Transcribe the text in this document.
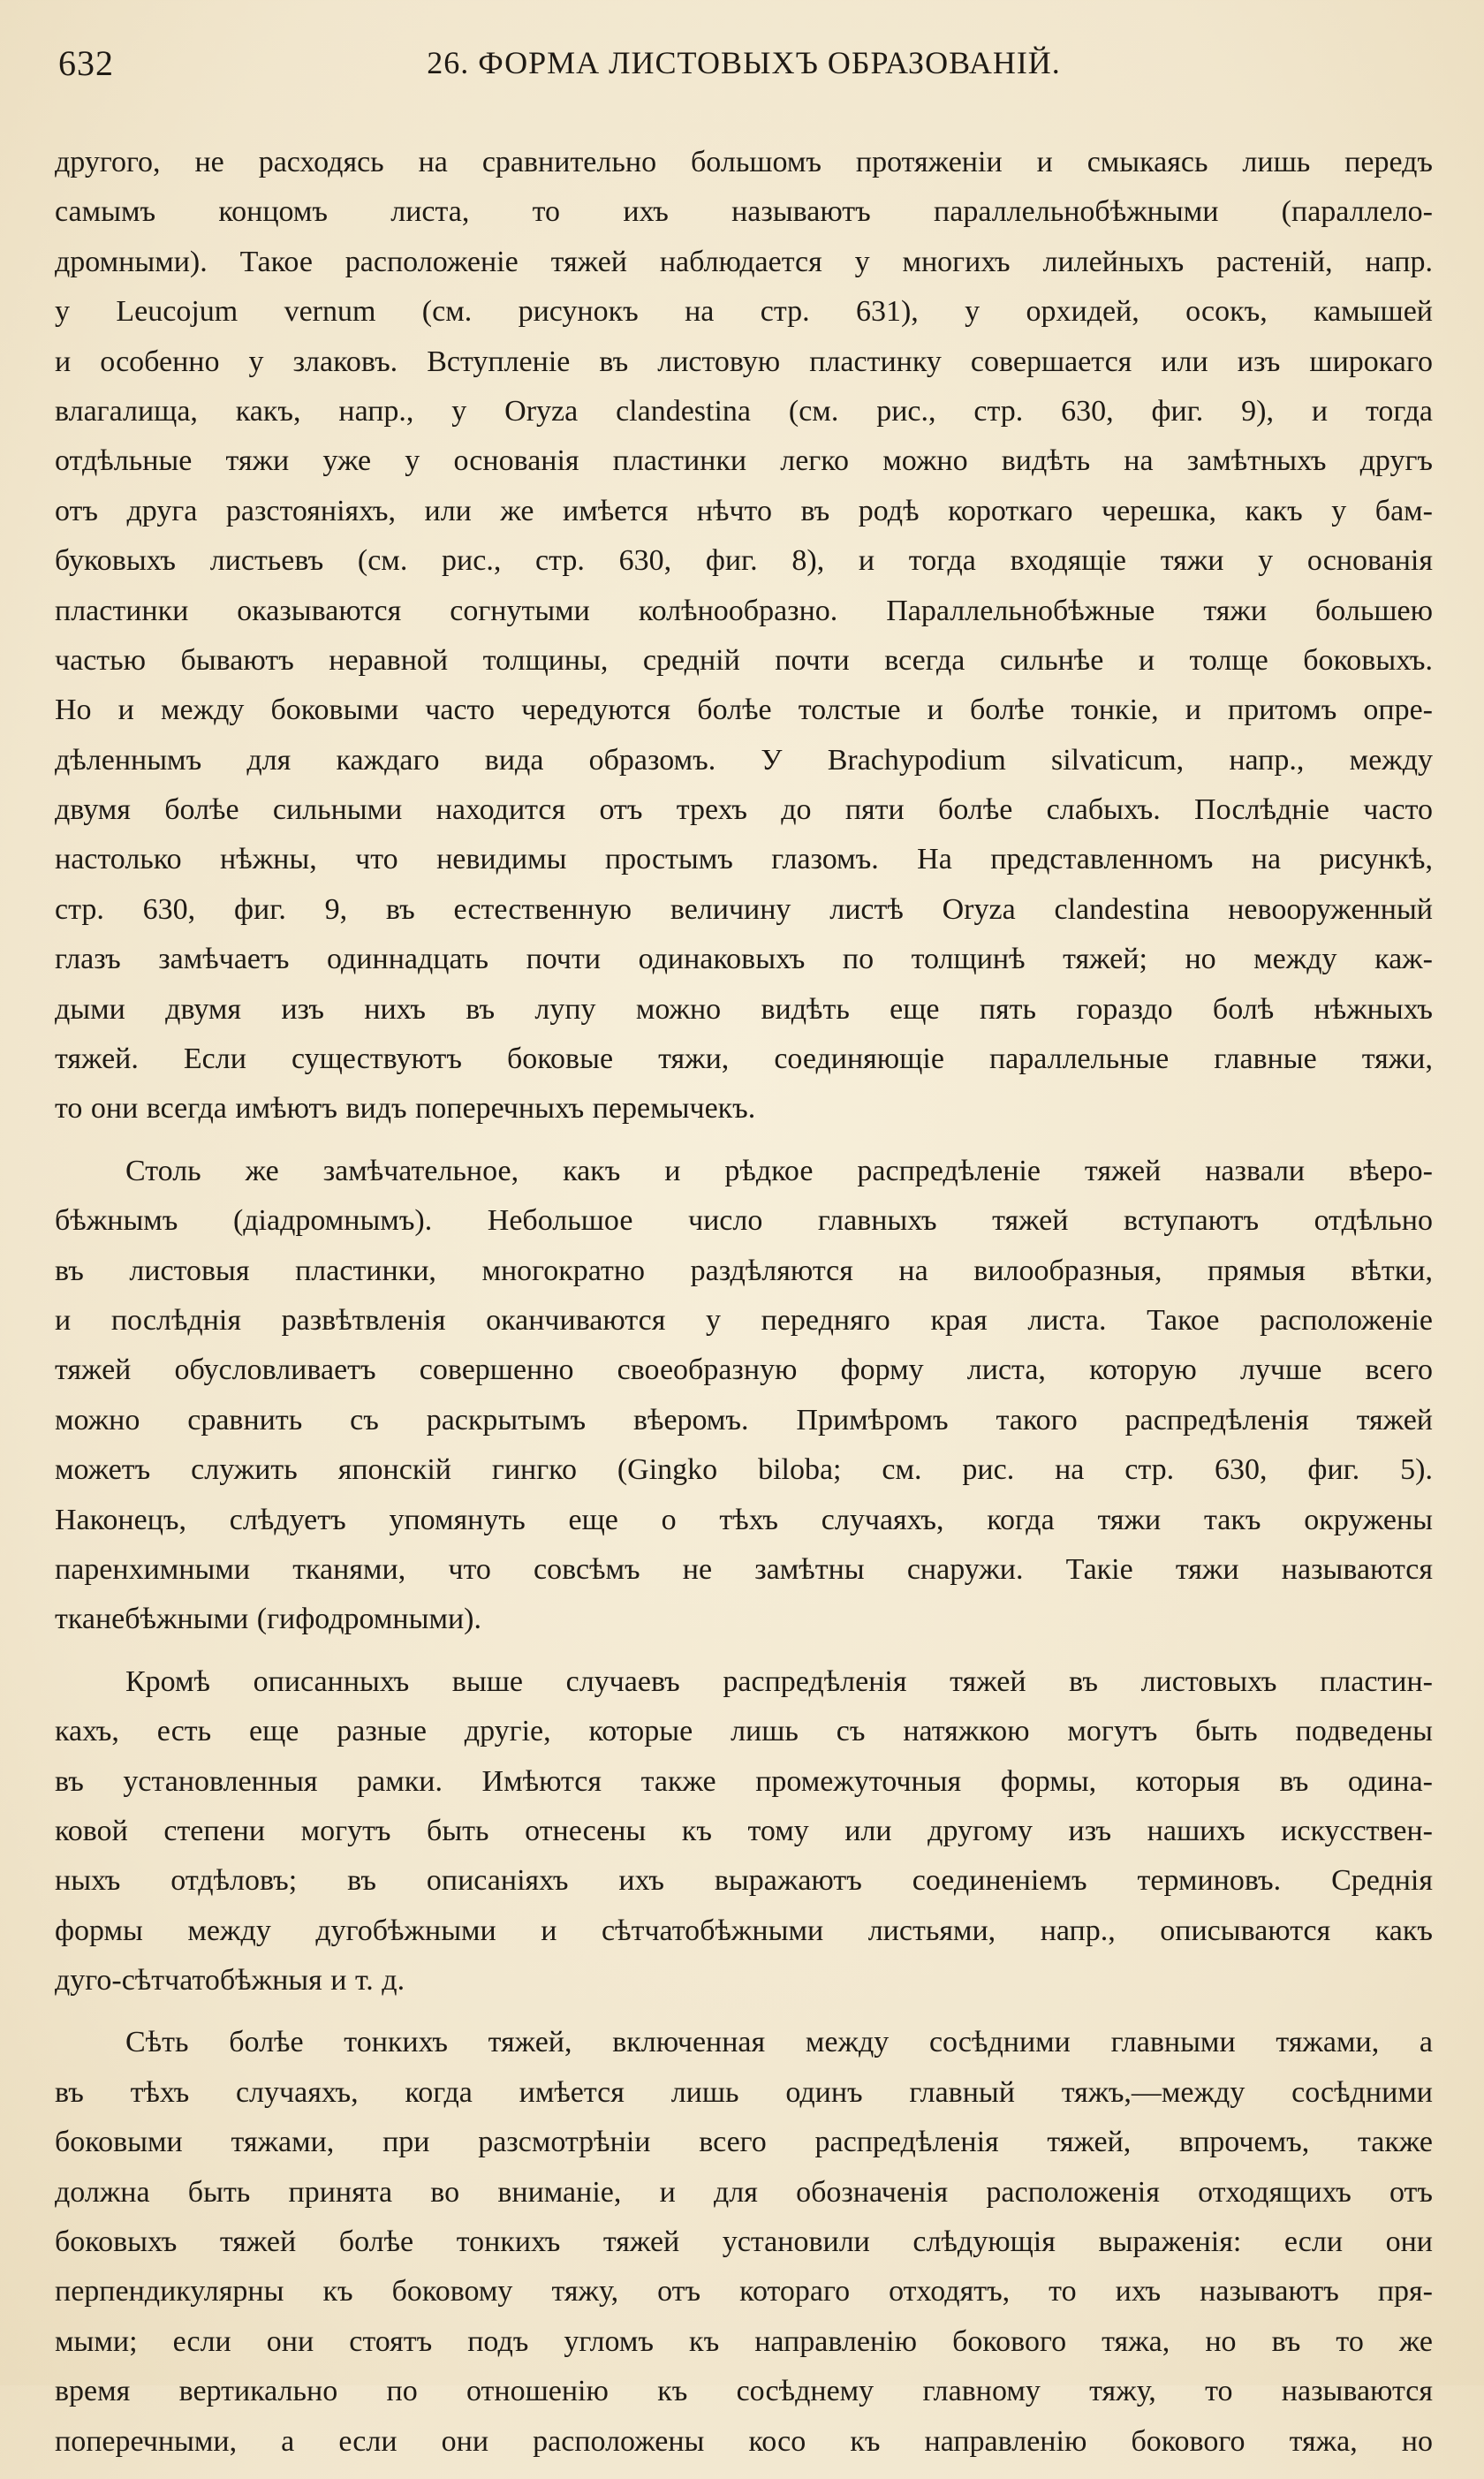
632	26. ФОРМА ЛИСТОВЫХЪ ОБРАЗОВАНІЙ.

другого, не расходясь на сравнительно большомъ протяженіи и смыкаясь лишь передъ
самымъ концомъ листа, то ихъ называютъ параллельнобѣжными (параллело-
дромными). Такое расположеніе тяжей наблюдается у многихъ лилейныхъ растеній, напр.
у Leucojum vernum (см. рисунокъ на стр. 631), у орхидей, осокъ, камышей
и особенно у злаковъ. Вступленіе въ листовую пластинку совершается или изъ широкаго
влагалища, какъ, напр., у Oryza clandestina (см. рис., стр. 630, фиг. 9), и тогда
отдѣльные тяжи уже у основанія пластинки легко можно видѣть на замѣтныхъ другъ
отъ друга разстояніяхъ, или же имѣется нѣчто въ родѣ короткаго черешка, какъ у бам-
буковыхъ листьевъ (см. рис., стр. 630, фиг. 8), и тогда входящіе тяжи у основанія
пластинки оказываются согнутыми колѣнообразно. Параллельнобѣжные тяжи большею
частью бываютъ неравной толщины, средній почти всегда сильнѣе и толще боковыхъ.
Но и между боковыми часто чередуются болѣе толстые и болѣе тонкіе, и притомъ опре-
дѣленнымъ для каждаго вида образомъ. У Brachypodium silvaticum, напр., между
двумя болѣе сильными находится отъ трехъ до пяти болѣе слабыхъ. Послѣдніе часто
настолько нѣжны, что невидимы простымъ глазомъ. На представленномъ на рисункѣ,
стр. 630, фиг. 9, въ естественную величину листѣ Oryza clandestina невооруженный
глазъ замѣчаетъ одиннадцать почти одинаковыхъ по толщинѣ тяжей; но между каж-
дыми двумя изъ нихъ въ лупу можно видѣть еще пять гораздо болѣ нѣжныхъ
тяжей. Если существуютъ боковые тяжи, соединяющіе параллельные главные тяжи,
то они всегда имѣютъ видъ поперечныхъ перемычекъ.

Столь же замѣчательное, какъ и рѣдкое распредѣленіе тяжей назвали вѣеро-
бѣжнымъ (діадромнымъ). Небольшое число главныхъ тяжей вступаютъ отдѣльно
въ листовыя пластинки, многократно раздѣляются на вилообразныя, прямыя вѣтки,
и послѣднія развѣтвленія оканчиваются у передняго края листа. Такое расположеніе
тяжей обусловливаетъ совершенно своеобразную форму листа, которую лучше всего
можно сравнить съ раскрытымъ вѣеромъ. Примѣромъ такого распредѣленія тяжей
можетъ служить японскій гингко (Gingko biloba; см. рис. на стр. 630, фиг. 5).
Наконецъ, слѣдуетъ упомянуть еще о тѣхъ случаяхъ, когда тяжи такъ окружены
паренхимными тканями, что совсѣмъ не замѣтны снаружи. Такіе тяжи называются
тканебѣжными (гифодромными).

Кромѣ описанныхъ выше случаевъ распредѣленія тяжей въ листовыхъ пластин-
кахъ, есть еще разные другіе, которые лишь съ натяжкою могутъ быть подведены
въ установленныя рамки. Имѣются также промежуточныя формы, которыя въ одина-
ковой степени могутъ быть отнесены къ тому или другому изъ нашихъ искусствен-
ныхъ отдѣловъ; въ описаніяхъ ихъ выражаютъ соединеніемъ терминовъ. Среднія
формы между дугобѣжными и сѣтчатобѣжными листьями, напр., описываются какъ
дуго-сѣтчатобѣжныя и т. д.

Сѣть болѣе тонкихъ тяжей, включенная между сосѣдними главными тяжами, а
въ тѣхъ случаяхъ, когда имѣется лишь одинъ главный тяжъ,—между сосѣдними
боковыми тяжами, при разсмотрѣніи всего распредѣленія тяжей, впрочемъ, также
должна быть принята во вниманіе, и для обозначенія расположенія отходящихъ отъ
боковыхъ тяжей болѣе тонкихъ тяжей установили слѣдующія выраженія: если они
перпендикулярны къ боковому тяжу, отъ котораго отходятъ, то ихъ называютъ пря-
мыми; если они стоятъ подъ угломъ къ направленію бокового тяжа, но въ то же
время вертикально по отношенію къ сосѣднему главному тяжу, то называются
поперечными, а если они расположены косо къ направленію бокового тяжа, но
